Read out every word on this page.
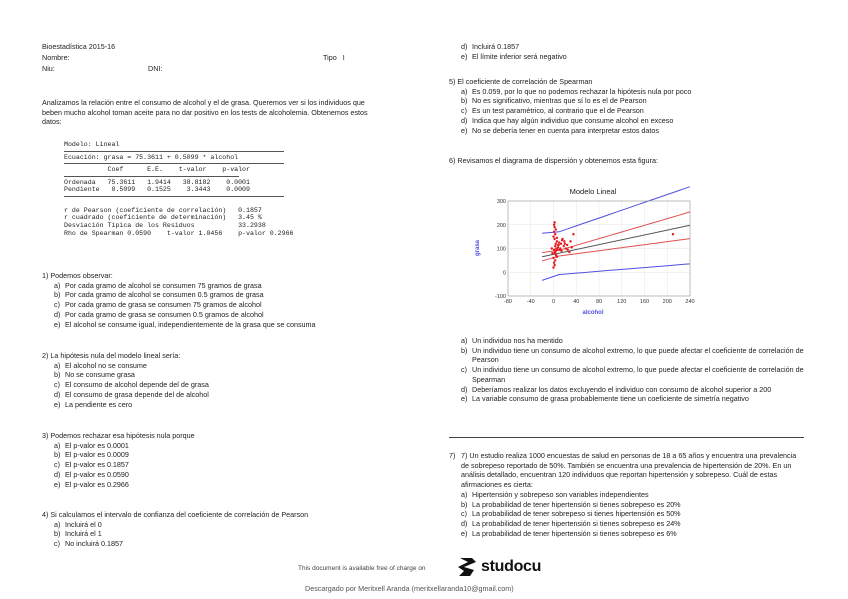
Bioestadística 2015-16
Nombre:	Tipo I
Niu:	DNI:
Analizamos la relación entre el consumo de alcohol y el de grasa. Queremos ver si los individuos que beben mucho alcohol toman aceite para no dar positivo en los tests de alcoholemia. Obtenemos estos datos:
Modelo: Lineal
Ecuación: grasa = 75.3611 + 0.5099 * alcohol
Coef      E.E.    t-valor    p-valor
Ordenada   75.3611   1.9414   38.8182    0.0001
Pendiente   0.5099   0.1525    3.3443    0.0009
r de Pearson (coeficiente de correlación)   0.1857
r cuadrado (coeficiente de determinación)   3.45 %
Desviación Típica de los Residuos           33.2938
Rho de Spearman 0.0590    t-valor 1.0456    p-valor 0.2966
1) Podemos observar:
a) Por cada gramo de alcohol se consumen 75 gramos de grasa
b) Por cada gramo de alcohol se consumen 0.5 gramos de grasa
c) Por cada gramo de grasa se consumen 75 gramos de alcohol
d) Por cada gramo de grasa se consumen 0.5 gramos de alcohol
e) El alcohol se consume igual, independientemente de la grasa que se consuma
2) La hipótesis nula del modelo lineal sería:
a) El alcohol no se consume
b) No se consume grasa
c) El consumo de alcohol depende del de grasa
d) El consumo de grasa depende del de alcohol
e) La pendiente es cero
3) Podemos rechazar esa hipótesis nula porque
a) El p-valor es 0.0001
b) El p-valor es 0.0009
c) El p-valor es 0.1857
d) El p-valor es 0.0590
e) El p-valor es 0.2966
4) Si calculamos el intervalo de confianza del coeficiente de correlación de Pearson
a) Incluirá el 0
b) Incluirá el 1
c) No incluirá 0.1857
d) Incluirá 0.1857
e) El límite inferior será negativo
5) El coeficiente de correlación de Spearman
a) Es 0.059, por lo que no podemos rechazar la hipótesis nula por poco
b) No es significativo, mientras que sí lo es el de Pearson
c) Es un test paramétrico, al contrario que el de Pearson
d) Indica que hay algún individuo que consume alcohol en exceso
e) No se debería tener en cuenta para interpretar estos datos
6) Revisamos el diagrama de dispersión y obtenemos esta figura:
Modelo Lineal
grasa
alcohol
-80	-40	0	40	80	120 160 200 240
-100
0
100
200
300
a) Un individuo nos ha mentido
b) Un individuo tiene un consumo de alcohol extremo, lo que puede afectar el coeficiente de correlación de Pearson
c) Un individuo tiene un consumo de alcohol extremo, lo que puede afectar el coeficiente de correlación de Spearman
d) Deberíamos realizar los datos excluyendo el individuo con consumo de alcohol superior a 200
e) La variable consumo de grasa probablemente tiene un coeficiente de simetría negativo
7) 7) Un estudio realiza 1000 encuestas de salud en personas de 18 a 65 años y encuentra una prevalencia de sobrepeso reportado de 50%. También se encuentra una prevalencia de hipertensión de 20%. En un análisis detallado, encuentran 120 individuos que reportan hipertensión y sobrepeso. Cuál de estas afirmaciones es cierta:
a) Hipertensión y sobrepeso son variables independientes
b) La probabilidad de tener hipertensión si tienes sobrepeso es 20%
c) La probabilidad de tener sobrepeso si tienes hipertensión es 50%
d) La probabilidad de tener hipertensión si tienes sobrepeso es 24%
e) La probabilidad de tener hipertensión si tienes sobrepeso es 6%
This document is available free of charge on	studocu
Descargado por Meritxell Aranda (meritxellaranda10@gmail.com)
